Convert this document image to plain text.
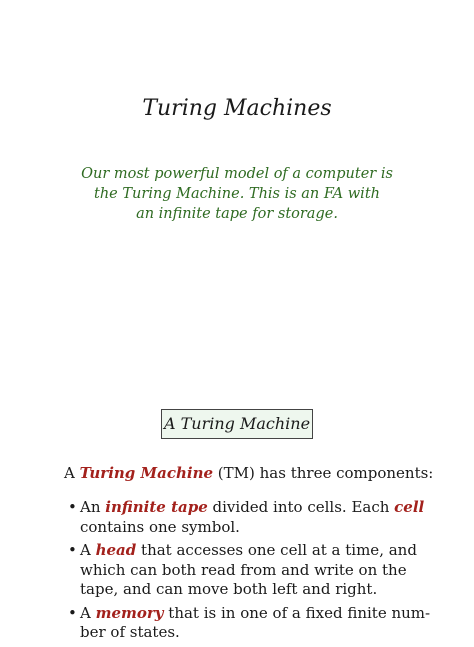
Turing Machines
Our most powerful model of a computer is
the Turing Machine. This is an FA with
an infinite tape for storage.
A Turing Machine
A Turing Machine (TM) has three components:
• An infinite tape divided into cells. Each cell
contains one symbol.
• A head that accesses one cell at a time, and
which can both read from and write on the
tape, and can move both left and right.
• A memory that is in one of a fixed finite num-
ber of states.
